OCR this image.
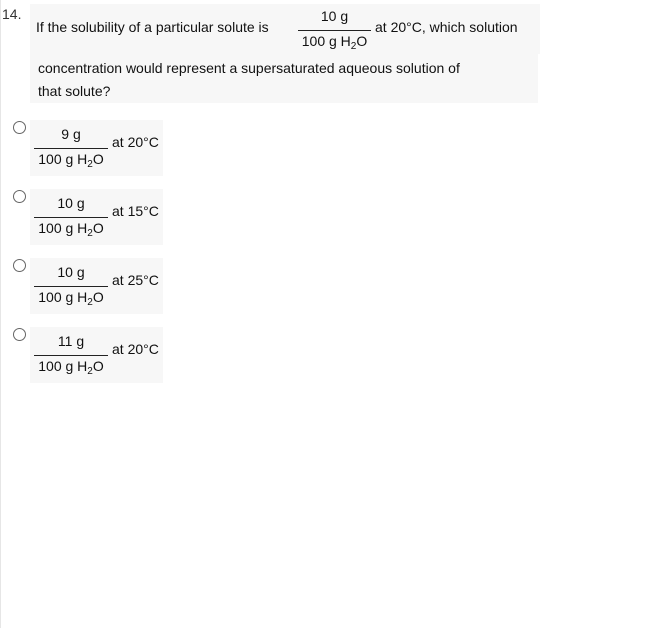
14.
If the solubility of a particular solute is
10 g
100 g $H_2O$
at 20°C, which solution
concentration would represent a supersaturated aqueous solution of
that solute?
9 g
100 g $H_2O$
at 20°C
10 g
100 g $H_2O$
at 15°C
10 g
100 g $H_2O$
at 25°C
11 g
100 g $H_2O$
at 20°C
